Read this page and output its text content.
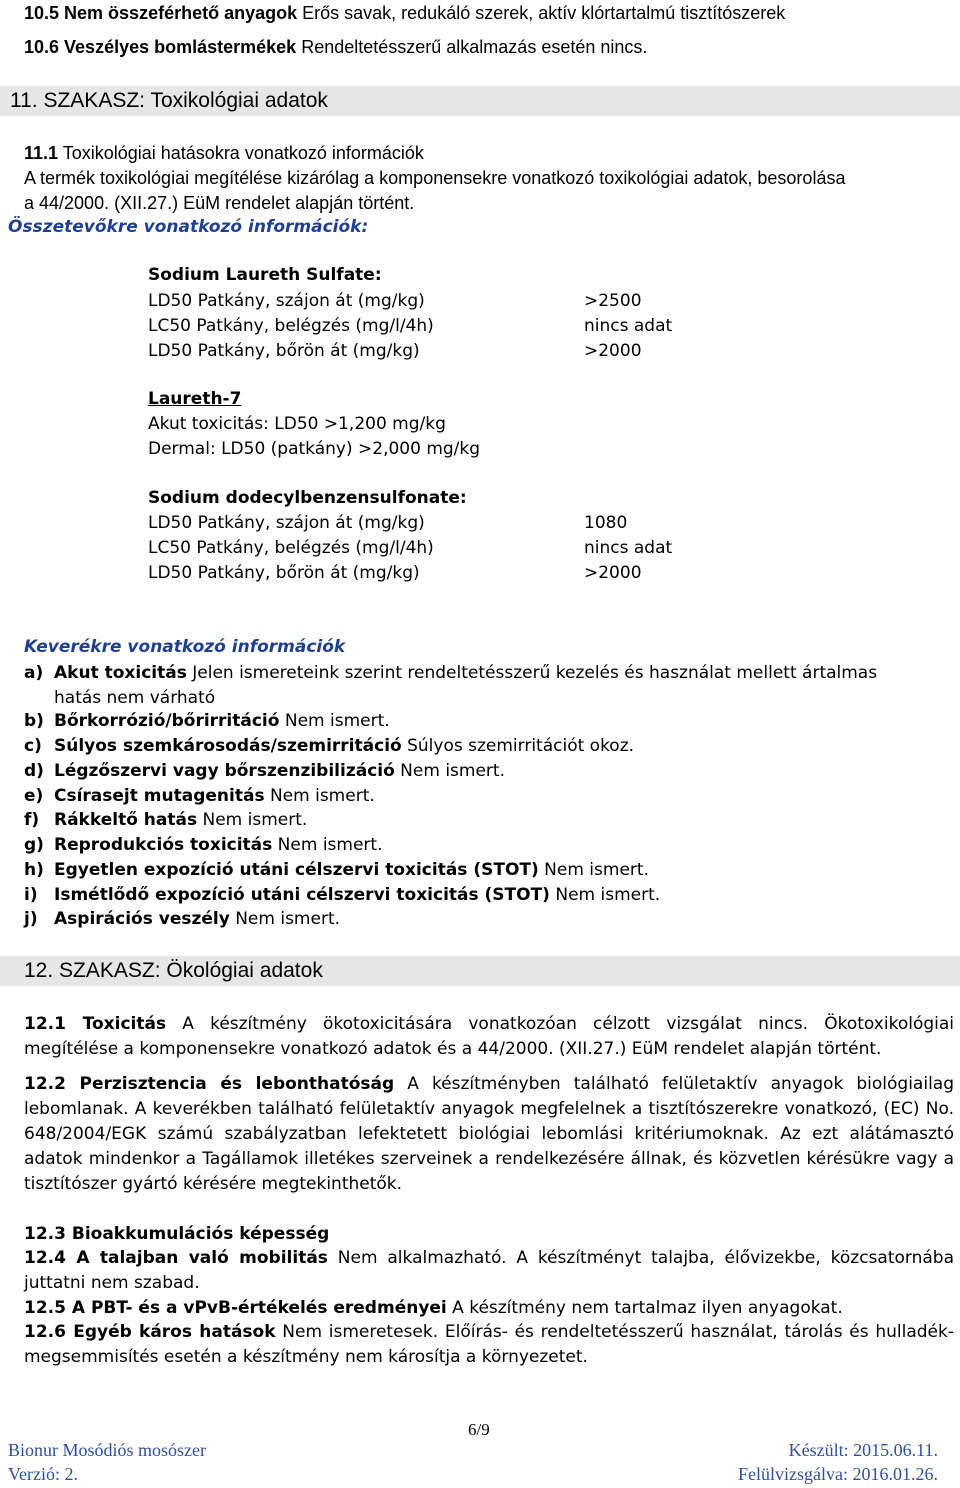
10.5 Nem összeférhető anyagok Erős savak, redukáló szerek, aktív klórtartalmú tisztítószerek
10.6 Veszélyes bomlástermékek Rendeltetésszerű alkalmazás esetén nincs.
11. SZAKASZ: Toxikológiai adatok
11.1 Toxikológiai hatásokra vonatkozó információk
A termék toxikológiai megítélése kizárólag a komponensekre vonatkozó toxikológiai adatok, besorolása
a 44/2000. (XII.27.) EüM rendelet alapján történt.
Összetevőkre vonatkozó információk:
Sodium Laureth Sulfate:
LD50 Patkány, szájon át (mg/kg)	>2500
LC50 Patkány, belégzés (mg/l/4h)	nincs adat
LD50 Patkány, bőrön át (mg/kg)	>2000
Laureth-7
Akut toxicitás: LD50 >1,200 mg/kg
Dermal: LD50 (patkány) >2,000 mg/kg
Sodium dodecylbenzensulfonate:
LD50 Patkány, szájon át (mg/kg)	1080
LC50 Patkány, belégzés (mg/l/4h)	nincs adat
LD50 Patkány, bőrön át (mg/kg)	>2000
Keverékre vonatkozó információk
a) Akut toxicitás Jelen ismereteink szerint rendeltetésszerű kezelés és használat mellett ártalmas
hatás nem várható
b) Bőrkorrózió/bőrirritáció Nem ismert.
c) Súlyos szemkárosodás/szemirritáció Súlyos szemirritációt okoz.
d) Légzőszervi vagy bőrszenzibilizáció Nem ismert.
e) Csírasejt mutagenitás Nem ismert.
f) Rákkeltő hatás Nem ismert.
g) Reprodukciós toxicitás Nem ismert.
h) Egyetlen expozíció utáni célszervi toxicitás (STOT) Nem ismert.
i) Ismétlődő expozíció utáni célszervi toxicitás (STOT) Nem ismert.
j) Aspirációs veszély Nem ismert.
12. SZAKASZ: Ökológiai adatok
12.1 Toxicitás A készítmény ökotoxicitására vonatkozóan célzott vizsgálat nincs. Ökotoxikológiai megítélése a komponensekre vonatkozó adatok és a 44/2000. (XII.27.) EüM rendelet alapján történt.
12.2 Perzisztencia és lebonthatóság A készítményben található felületaktív anyagok biológiailag lebomlanak. A keverékben található felületaktív anyagok megfelelnek a tisztítószerekre vonatkozó, (EC) No. 648/2004/EGK számú szabályzatban lefektetett biológiai lebomlási kritériumoknak. Az ezt alátámasztó adatok mindenkor a Tagállamok illetékes szerveinek a rendelkezésére állnak, és közvetlen kérésükre vagy a tisztítószer gyártó kérésére megtekinthetők.
12.3 Bioakkumulációs képesség
12.4 A talajban való mobilitás Nem alkalmazható. A készítményt talajba, élővizekbe, közcsatornába juttatni nem szabad.
12.5 A PBT- és a vPvB-értékelés eredményei A készítmény nem tartalmaz ilyen anyagokat.
12.6 Egyéb káros hatások Nem ismeretesek. Előírás- és rendeltetésszerű használat, tárolás és hulladék-megsemmisítés esetén a készítmény nem károsítja a környezetet.
6/9
Bionur Mosódiós mosószer
Verzió: 2.
Készült: 2015.06.11.
Felülvizsgálva: 2016.01.26.
